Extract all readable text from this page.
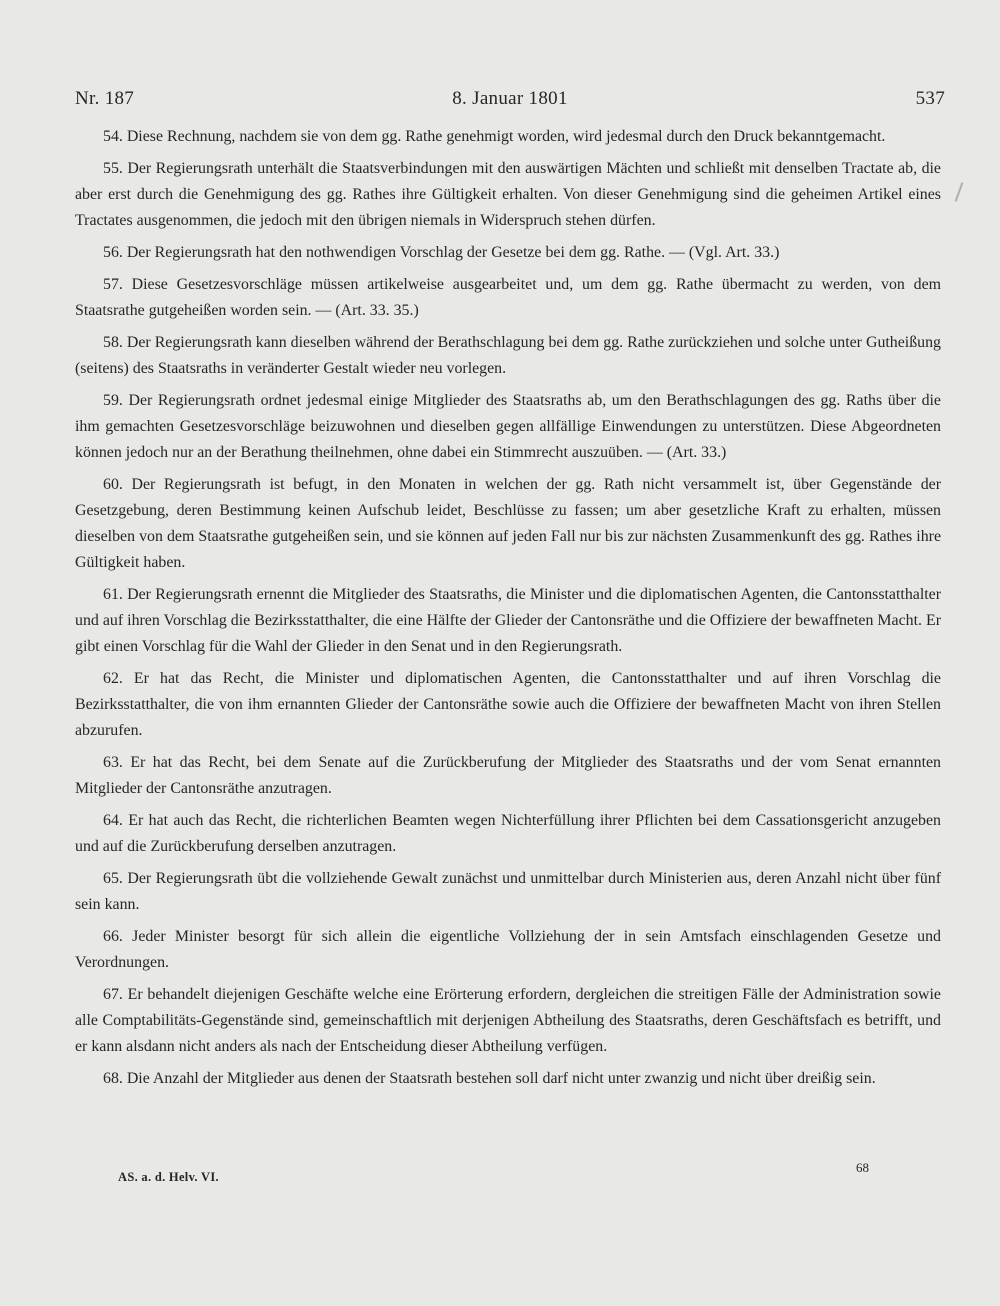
Nr. 187	8. Januar 1801	537

54. Diese Rechnung, nachdem sie von dem gg. Rathe genehmigt worden, wird jedesmal durch den Druck bekanntgemacht.

55. Der Regierungsrath unterhält die Staatsverbindungen mit den auswärtigen Mächten und schließt mit denselben Tractate ab, die aber erst durch die Genehmigung des gg. Rathes ihre Gültigkeit erhalten. Von dieser Genehmigung sind die geheimen Artikel eines Tractates ausgenommen, die jedoch mit den übrigen niemals in Widerspruch stehen dürfen.

56. Der Regierungsrath hat den nothwendigen Vorschlag der Gesetze bei dem gg. Rathe. — (Vgl. Art. 33.)

57. Diese Gesetzesvorschläge müssen artikelweise ausgearbeitet und, um dem gg. Rathe übermacht zu werden, von dem Staatsrathe gutgeheißen worden sein. — (Art. 33. 35.)

58. Der Regierungsrath kann dieselben während der Berathschlagung bei dem gg. Rathe zurückziehen und solche unter Gutheißung (seitens) des Staatsraths in veränderter Gestalt wieder neu vorlegen.

59. Der Regierungsrath ordnet jedesmal einige Mitglieder des Staatsraths ab, um den Berathschlagungen des gg. Raths über die ihm gemachten Gesetzesvorschläge beizuwohnen und dieselben gegen allfällige Einwendungen zu unterstützen. Diese Abgeordneten können jedoch nur an der Berathung theilnehmen, ohne dabei ein Stimmrecht auszuüben. — (Art. 33.)

60. Der Regierungsrath ist befugt, in den Monaten in welchen der gg. Rath nicht versammelt ist, über Gegenstände der Gesetzgebung, deren Bestimmung keinen Aufschub leidet, Beschlüsse zu fassen; um aber gesetzliche Kraft zu erhalten, müssen dieselben von dem Staatsrathe gutgeheißen sein, und sie können auf jeden Fall nur bis zur nächsten Zusammenkunft des gg. Rathes ihre Gültigkeit haben.

61. Der Regierungsrath ernennt die Mitglieder des Staatsraths, die Minister und die diplomatischen Agenten, die Cantonsstatthalter und auf ihren Vorschlag die Bezirksstatthalter, die eine Hälfte der Glieder der Cantonsräthe und die Offiziere der bewaffneten Macht. Er gibt einen Vorschlag für die Wahl der Glieder in den Senat und in den Regierungsrath.

62. Er hat das Recht, die Minister und diplomatischen Agenten, die Cantonsstatthalter und auf ihren Vorschlag die Bezirksstatthalter, die von ihm ernannten Glieder der Cantonsräthe sowie auch die Offiziere der bewaffneten Macht von ihren Stellen abzurufen.

63. Er hat das Recht, bei dem Senate auf die Zurückberufung der Mitglieder des Staatsraths und der vom Senat ernannten Mitglieder der Cantonsräthe anzutragen.

64. Er hat auch das Recht, die richterlichen Beamten wegen Nichterfüllung ihrer Pflichten bei dem Cassationsgericht anzugeben und auf die Zurückberufung derselben anzutragen.

65. Der Regierungsrath übt die vollziehende Gewalt zunächst und unmittelbar durch Ministerien aus, deren Anzahl nicht über fünf sein kann.

66. Jeder Minister besorgt für sich allein die eigentliche Vollziehung der in sein Amtsfach einschlagenden Gesetze und Verordnungen.

67. Er behandelt diejenigen Geschäfte welche eine Erörterung erfordern, dergleichen die streitigen Fälle der Administration sowie alle Comptabilitäts-Gegenstände sind, gemeinschaftlich mit derjenigen Abtheilung des Staatsraths, deren Geschäftsfach es betrifft, und er kann alsdann nicht anders als nach der Entscheidung dieser Abtheilung verfügen.

68. Die Anzahl der Mitglieder aus denen der Staatsrath bestehen soll darf nicht unter zwanzig und nicht über dreißig sein.

AS. a. d. Helv. VI.
68
